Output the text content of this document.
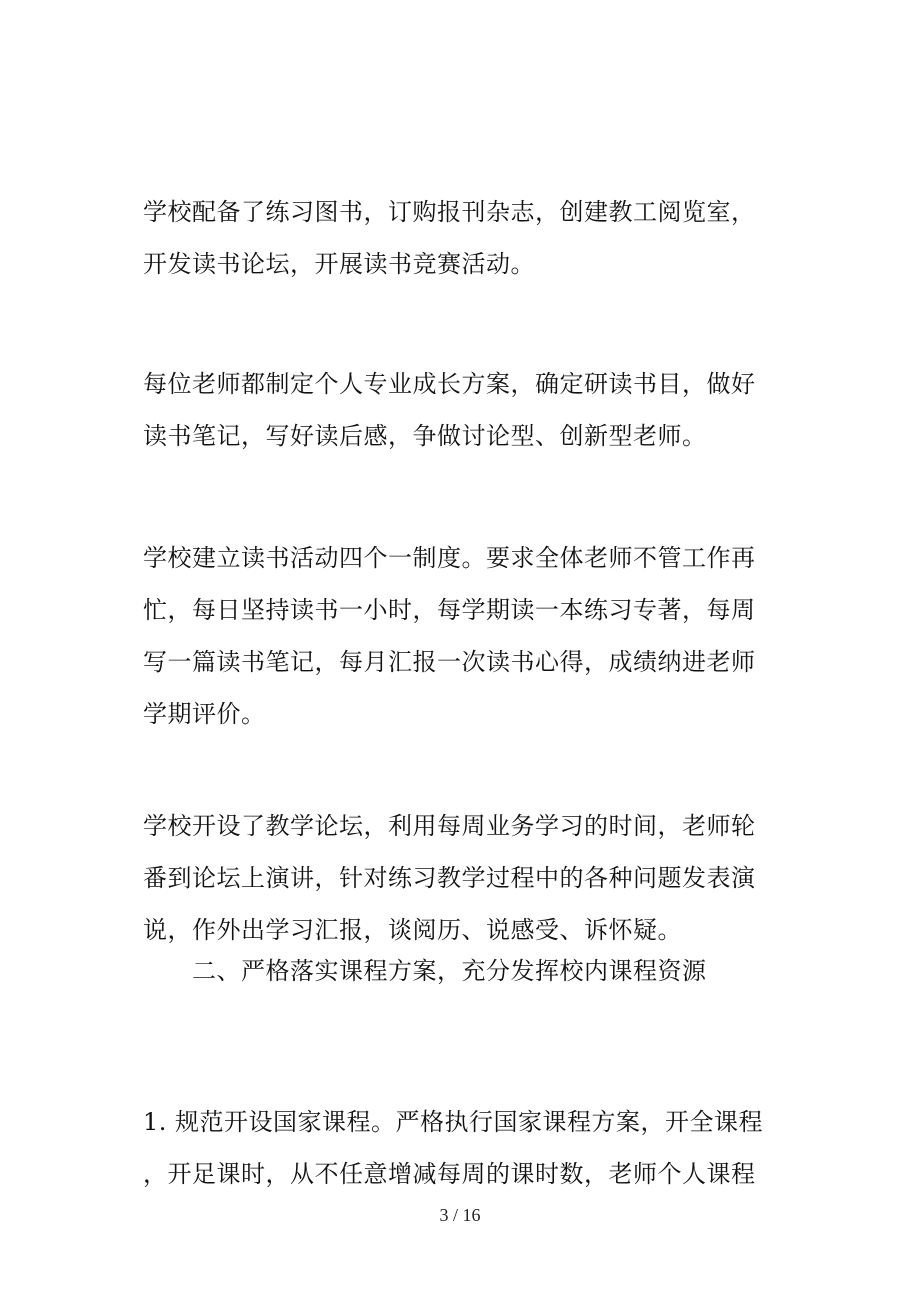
学校配备了练习图书，订购报刊杂志，创建教工阅览室，
开发读书论坛，开展读书竞赛活动。

每位老师都制定个人专业成长方案，确定研读书目，做好
读书笔记，写好读后感，争做讨论型、创新型老师。

学校建立读书活动四个一制度。要求全体老师不管工作再
忙，每日坚持读书一小时，每学期读一本练习专著，每周
写一篇读书笔记，每月汇报一次读书心得，成绩纳进老师
学期评价。

学校开设了教学论坛，利用每周业务学习的时间，老师轮
番到论坛上演讲，针对练习教学过程中的各种问题发表演
说，作外出学习汇报，谈阅历、说感受、诉怀疑。

二、严格落实课程方案，充分发挥校内课程资源

1. 规范开设国家课程。严格执行国家课程方案，开全课程
，开足课时，从不任意增减每周的课时数，老师个人课程

3 / 16
